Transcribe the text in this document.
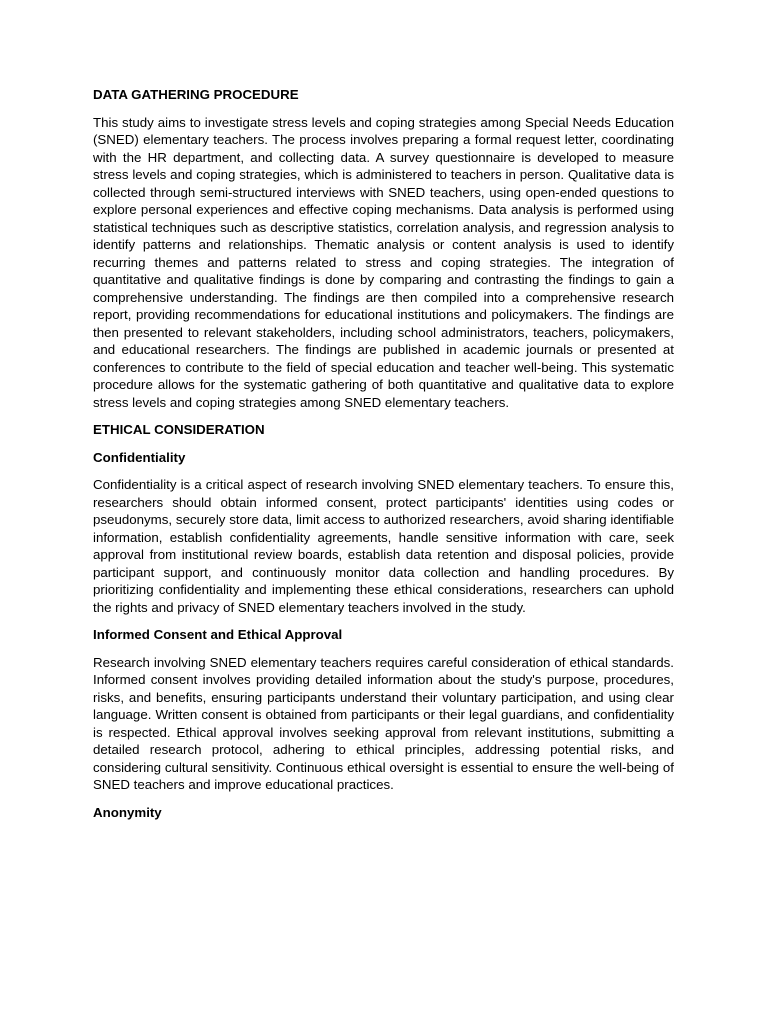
DATA GATHERING PROCEDURE

This study aims to investigate stress levels and coping strategies among Special Needs Education (SNED) elementary teachers. The process involves preparing a formal request letter, coordinating with the HR department, and collecting data. A survey questionnaire is developed to measure stress levels and coping strategies, which is administered to teachers in person. Qualitative data is collected through semi-structured interviews with SNED teachers, using open-ended questions to explore personal experiences and effective coping mechanisms. Data analysis is performed using statistical techniques such as descriptive statistics, correlation analysis, and regression analysis to identify patterns and relationships. Thematic analysis or content analysis is used to identify recurring themes and patterns related to stress and coping strategies. The integration of quantitative and qualitative findings is done by comparing and contrasting the findings to gain a comprehensive understanding. The findings are then compiled into a comprehensive research report, providing recommendations for educational institutions and policymakers. The findings are then presented to relevant stakeholders, including school administrators, teachers, policymakers, and educational researchers. The findings are published in academic journals or presented at conferences to contribute to the field of special education and teacher well-being. This systematic procedure allows for the systematic gathering of both quantitative and qualitative data to explore stress levels and coping strategies among SNED elementary teachers.

ETHICAL CONSIDERATION
Confidentiality

Confidentiality is a critical aspect of research involving SNED elementary teachers. To ensure this, researchers should obtain informed consent, protect participants' identities using codes or pseudonyms, securely store data, limit access to authorized researchers, avoid sharing identifiable information, establish confidentiality agreements, handle sensitive information with care, seek approval from institutional review boards, establish data retention and disposal policies, provide participant support, and continuously monitor data collection and handling procedures. By prioritizing confidentiality and implementing these ethical considerations, researchers can uphold the rights and privacy of SNED elementary teachers involved in the study.

Informed Consent and Ethical Approval

Research involving SNED elementary teachers requires careful consideration of ethical standards. Informed consent involves providing detailed information about the study's purpose, procedures, risks, and benefits, ensuring participants understand their voluntary participation, and using clear language. Written consent is obtained from participants or their legal guardians, and confidentiality is respected. Ethical approval involves seeking approval from relevant institutions, submitting a detailed research protocol, adhering to ethical principles, addressing potential risks, and considering cultural sensitivity. Continuous ethical oversight is essential to ensure the well-being of SNED teachers and improve educational practices.

Anonymity
